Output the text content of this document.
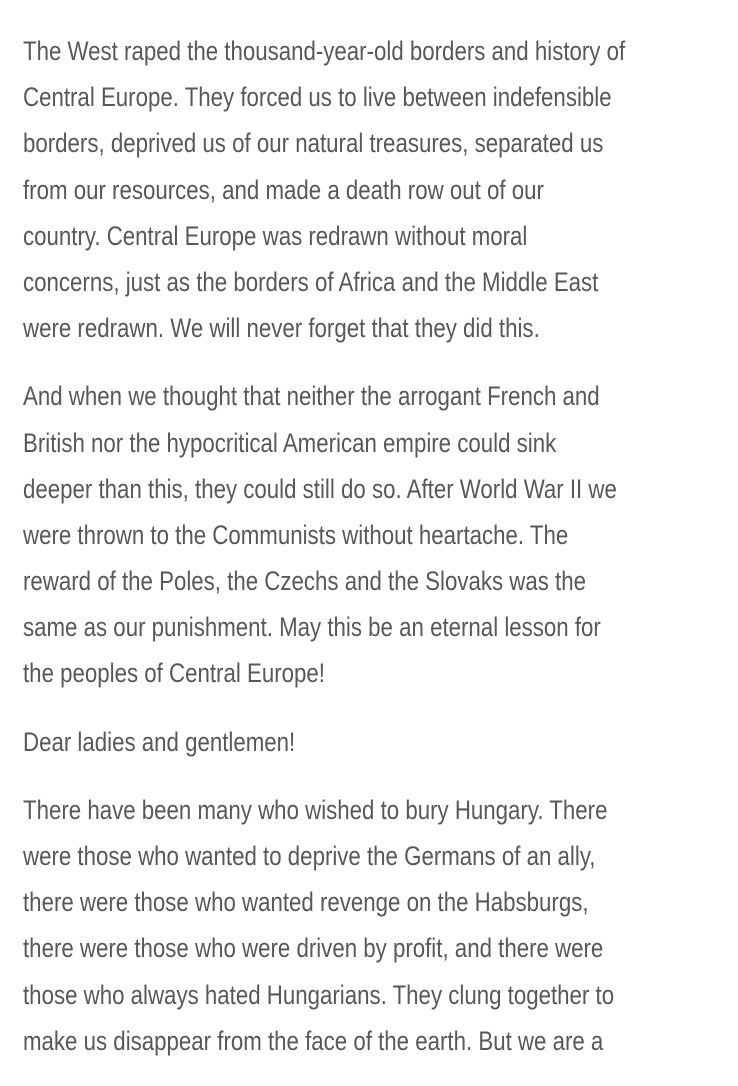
The West raped the thousand-year-old borders and history of
Central Europe. They forced us to live between indefensible
borders, deprived us of our natural treasures, separated us
from our resources, and made a death row out of our
country. Central Europe was redrawn without moral
concerns, just as the borders of Africa and the Middle East
were redrawn. We will never forget that they did this.

And when we thought that neither the arrogant French and
British nor the hypocritical American empire could sink
deeper than this, they could still do so. After World War II we
were thrown to the Communists without heartache. The
reward of the Poles, the Czechs and the Slovaks was the
same as our punishment. May this be an eternal lesson for
the peoples of Central Europe!

Dear ladies and gentlemen!

There have been many who wished to bury Hungary. There
were those who wanted to deprive the Germans of an ally,
there were those who wanted revenge on the Habsburgs,
there were those who were driven by profit, and there were
those who always hated Hungarians. They clung together to
make us disappear from the face of the earth. But we are a
